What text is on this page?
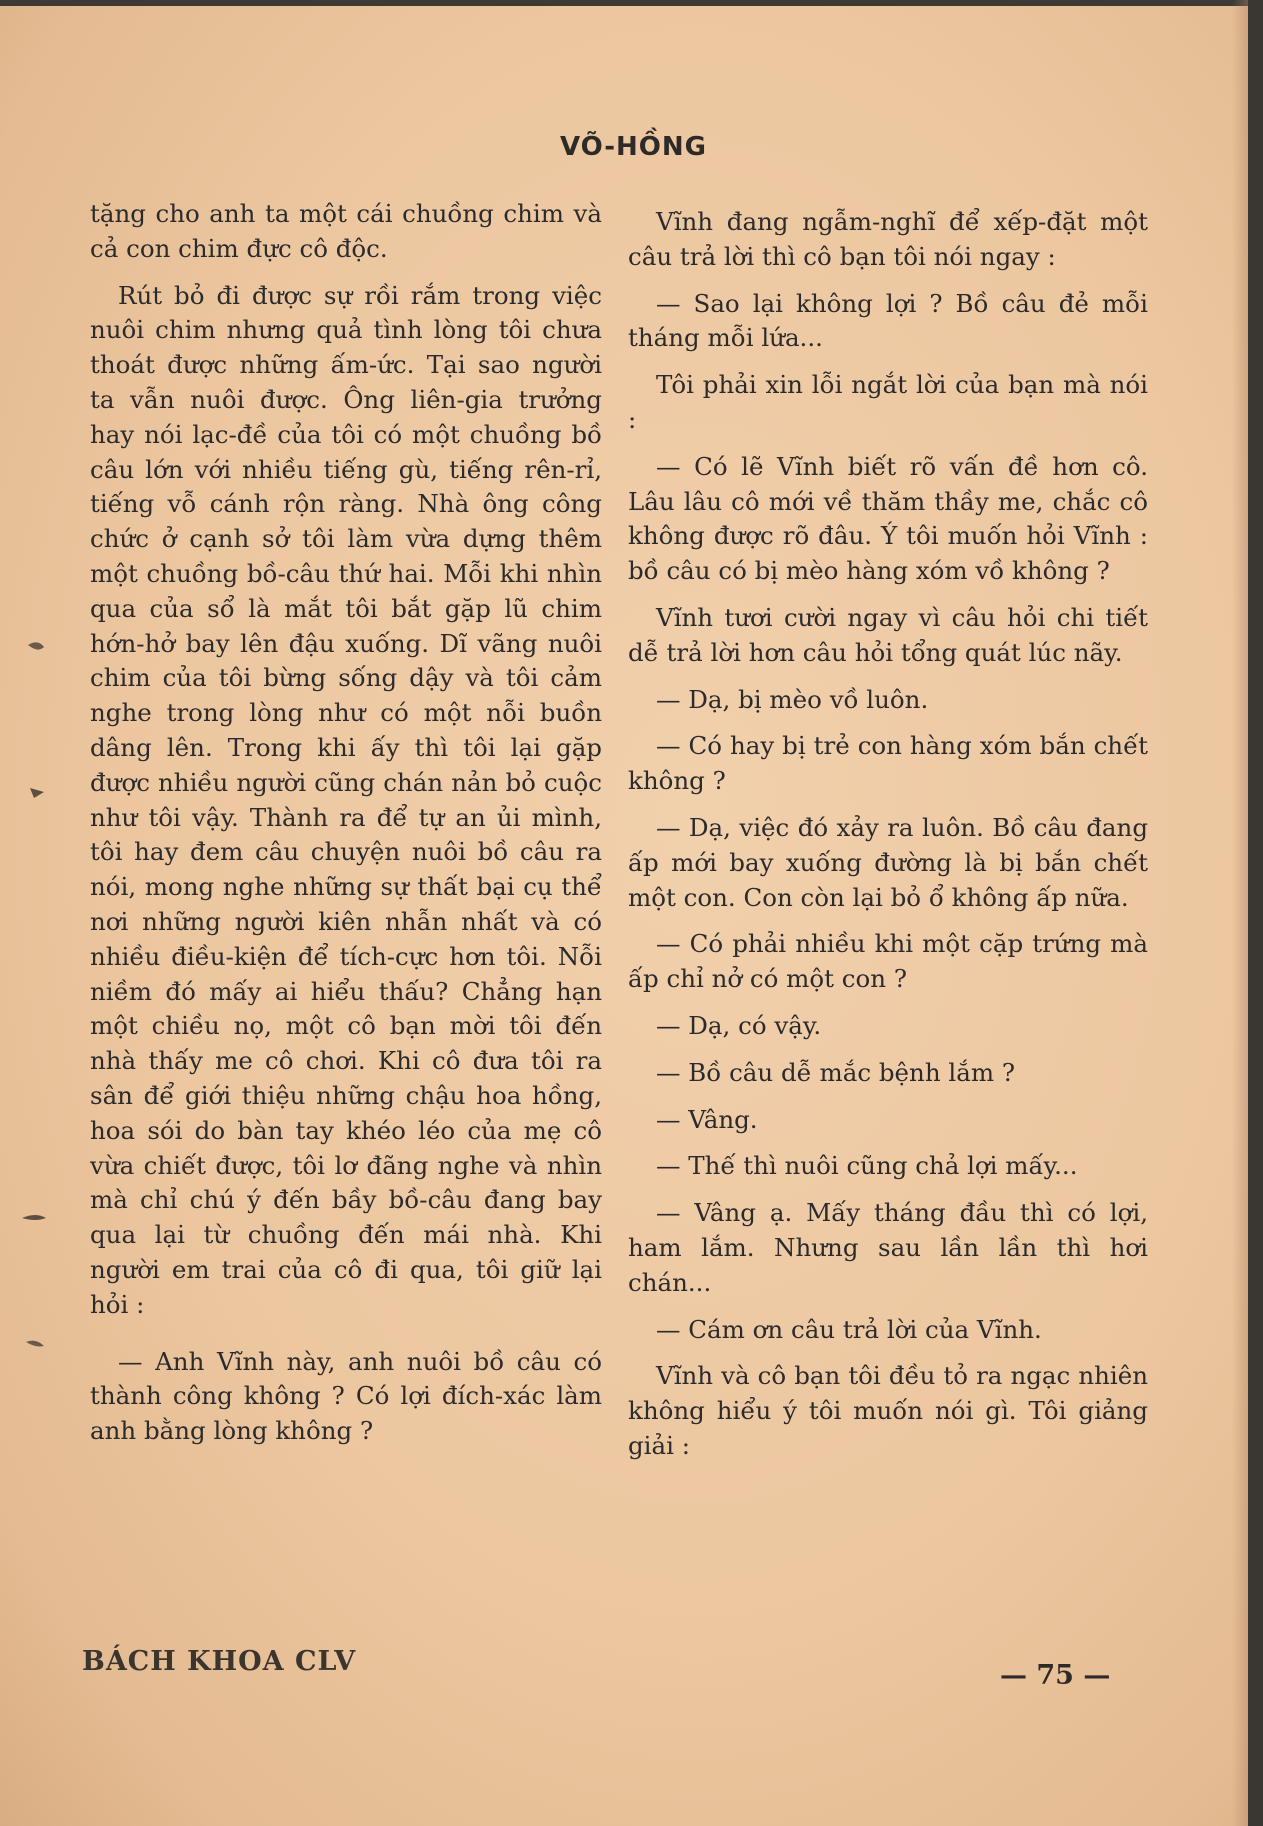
VÕ-HỒNG

tặng cho anh ta một cái chuồng chim và cả con chim đực cô độc.

Rút bỏ đi được sự rồi rắm trong việc nuôi chim nhưng quả tình lòng tôi chưa thoát được những ấm-ức. Tại sao người ta vẫn nuôi được. Ông liên-gia trưởng hay nói lạc-đề của tôi có một chuồng bồ câu lớn với nhiều tiếng gù, tiếng rên-rỉ, tiếng vỗ cánh rộn ràng. Nhà ông công chức ở cạnh sở tôi làm vừa dựng thêm một chuồng bồ-câu thứ hai. Mỗi khi nhìn qua của sổ là mắt tôi bắt gặp lũ chim hớn-hở bay lên đậu xuống. Dĩ vãng nuôi chim của tôi bừng sống dậy và tôi cảm nghe trong lòng như có một nỗi buồn dâng lên. Trong khi ấy thì tôi lại gặp được nhiều người cũng chán nản bỏ cuộc như tôi vậy. Thành ra để tự an ủi mình, tôi hay đem câu chuyện nuôi bồ câu ra nói, mong nghe những sự thất bại cụ thể nơi những người kiên nhẫn nhất và có nhiều điều-kiện để tích-cực hơn tôi. Nỗi niềm đó mấy ai hiểu thấu? Chẳng hạn một chiều nọ, một cô bạn mời tôi đến nhà thấy me cô chơi. Khi cô đưa tôi ra sân để giới thiệu những chậu hoa hồng, hoa sói do bàn tay khéo léo của mẹ cô vừa chiết được, tôi lơ đãng nghe và nhìn mà chỉ chú ý đến bầy bồ-câu đang bay qua lại từ chuồng đến mái nhà. Khi người em trai của cô đi qua, tôi giữ lại hỏi :

— Anh Vĩnh này, anh nuôi bồ câu có thành công không ? Có lợi đích-xác làm anh bằng lòng không ?

Vĩnh đang ngẫm-nghĩ để xếp-đặt một câu trả lời thì cô bạn tôi nói ngay :

— Sao lại không lợi ? Bồ câu đẻ mỗi tháng mỗi lứa...

Tôi phải xin lỗi ngắt lời của bạn mà nói :

— Có lẽ Vĩnh biết rõ vấn đề hơn cô. Lâu lâu cô mới về thăm thầy me, chắc cô không được rõ đâu. Ý tôi muốn hỏi Vĩnh : bồ câu có bị mèo hàng xóm vồ không ?

Vĩnh tươi cười ngay vì câu hỏi chi tiết dễ trả lời hơn câu hỏi tổng quát lúc nãy.

— Dạ, bị mèo vồ luôn.

— Có hay bị trẻ con hàng xóm bắn chết không ?

— Dạ, việc đó xảy ra luôn. Bồ câu đang ấp mới bay xuống đường là bị bắn chết một con. Con còn lại bỏ ổ không ấp nữa.

— Có phải nhiều khi một cặp trứng mà ấp chỉ nở có một con ?

— Dạ, có vậy.

— Bồ câu dễ mắc bệnh lắm ?

— Vâng.

— Thế thì nuôi cũng chả lợi mấy...

— Vâng ạ. Mấy tháng đầu thì có lợi, ham lắm. Nhưng sau lần lần thì hơi chán...

— Cám ơn câu trả lời của Vĩnh.

Vĩnh và cô bạn tôi đều tỏ ra ngạc nhiên không hiểu ý tôi muốn nói gì. Tôi giảng giải :

BÁCH KHOA CLV	— 75 —
